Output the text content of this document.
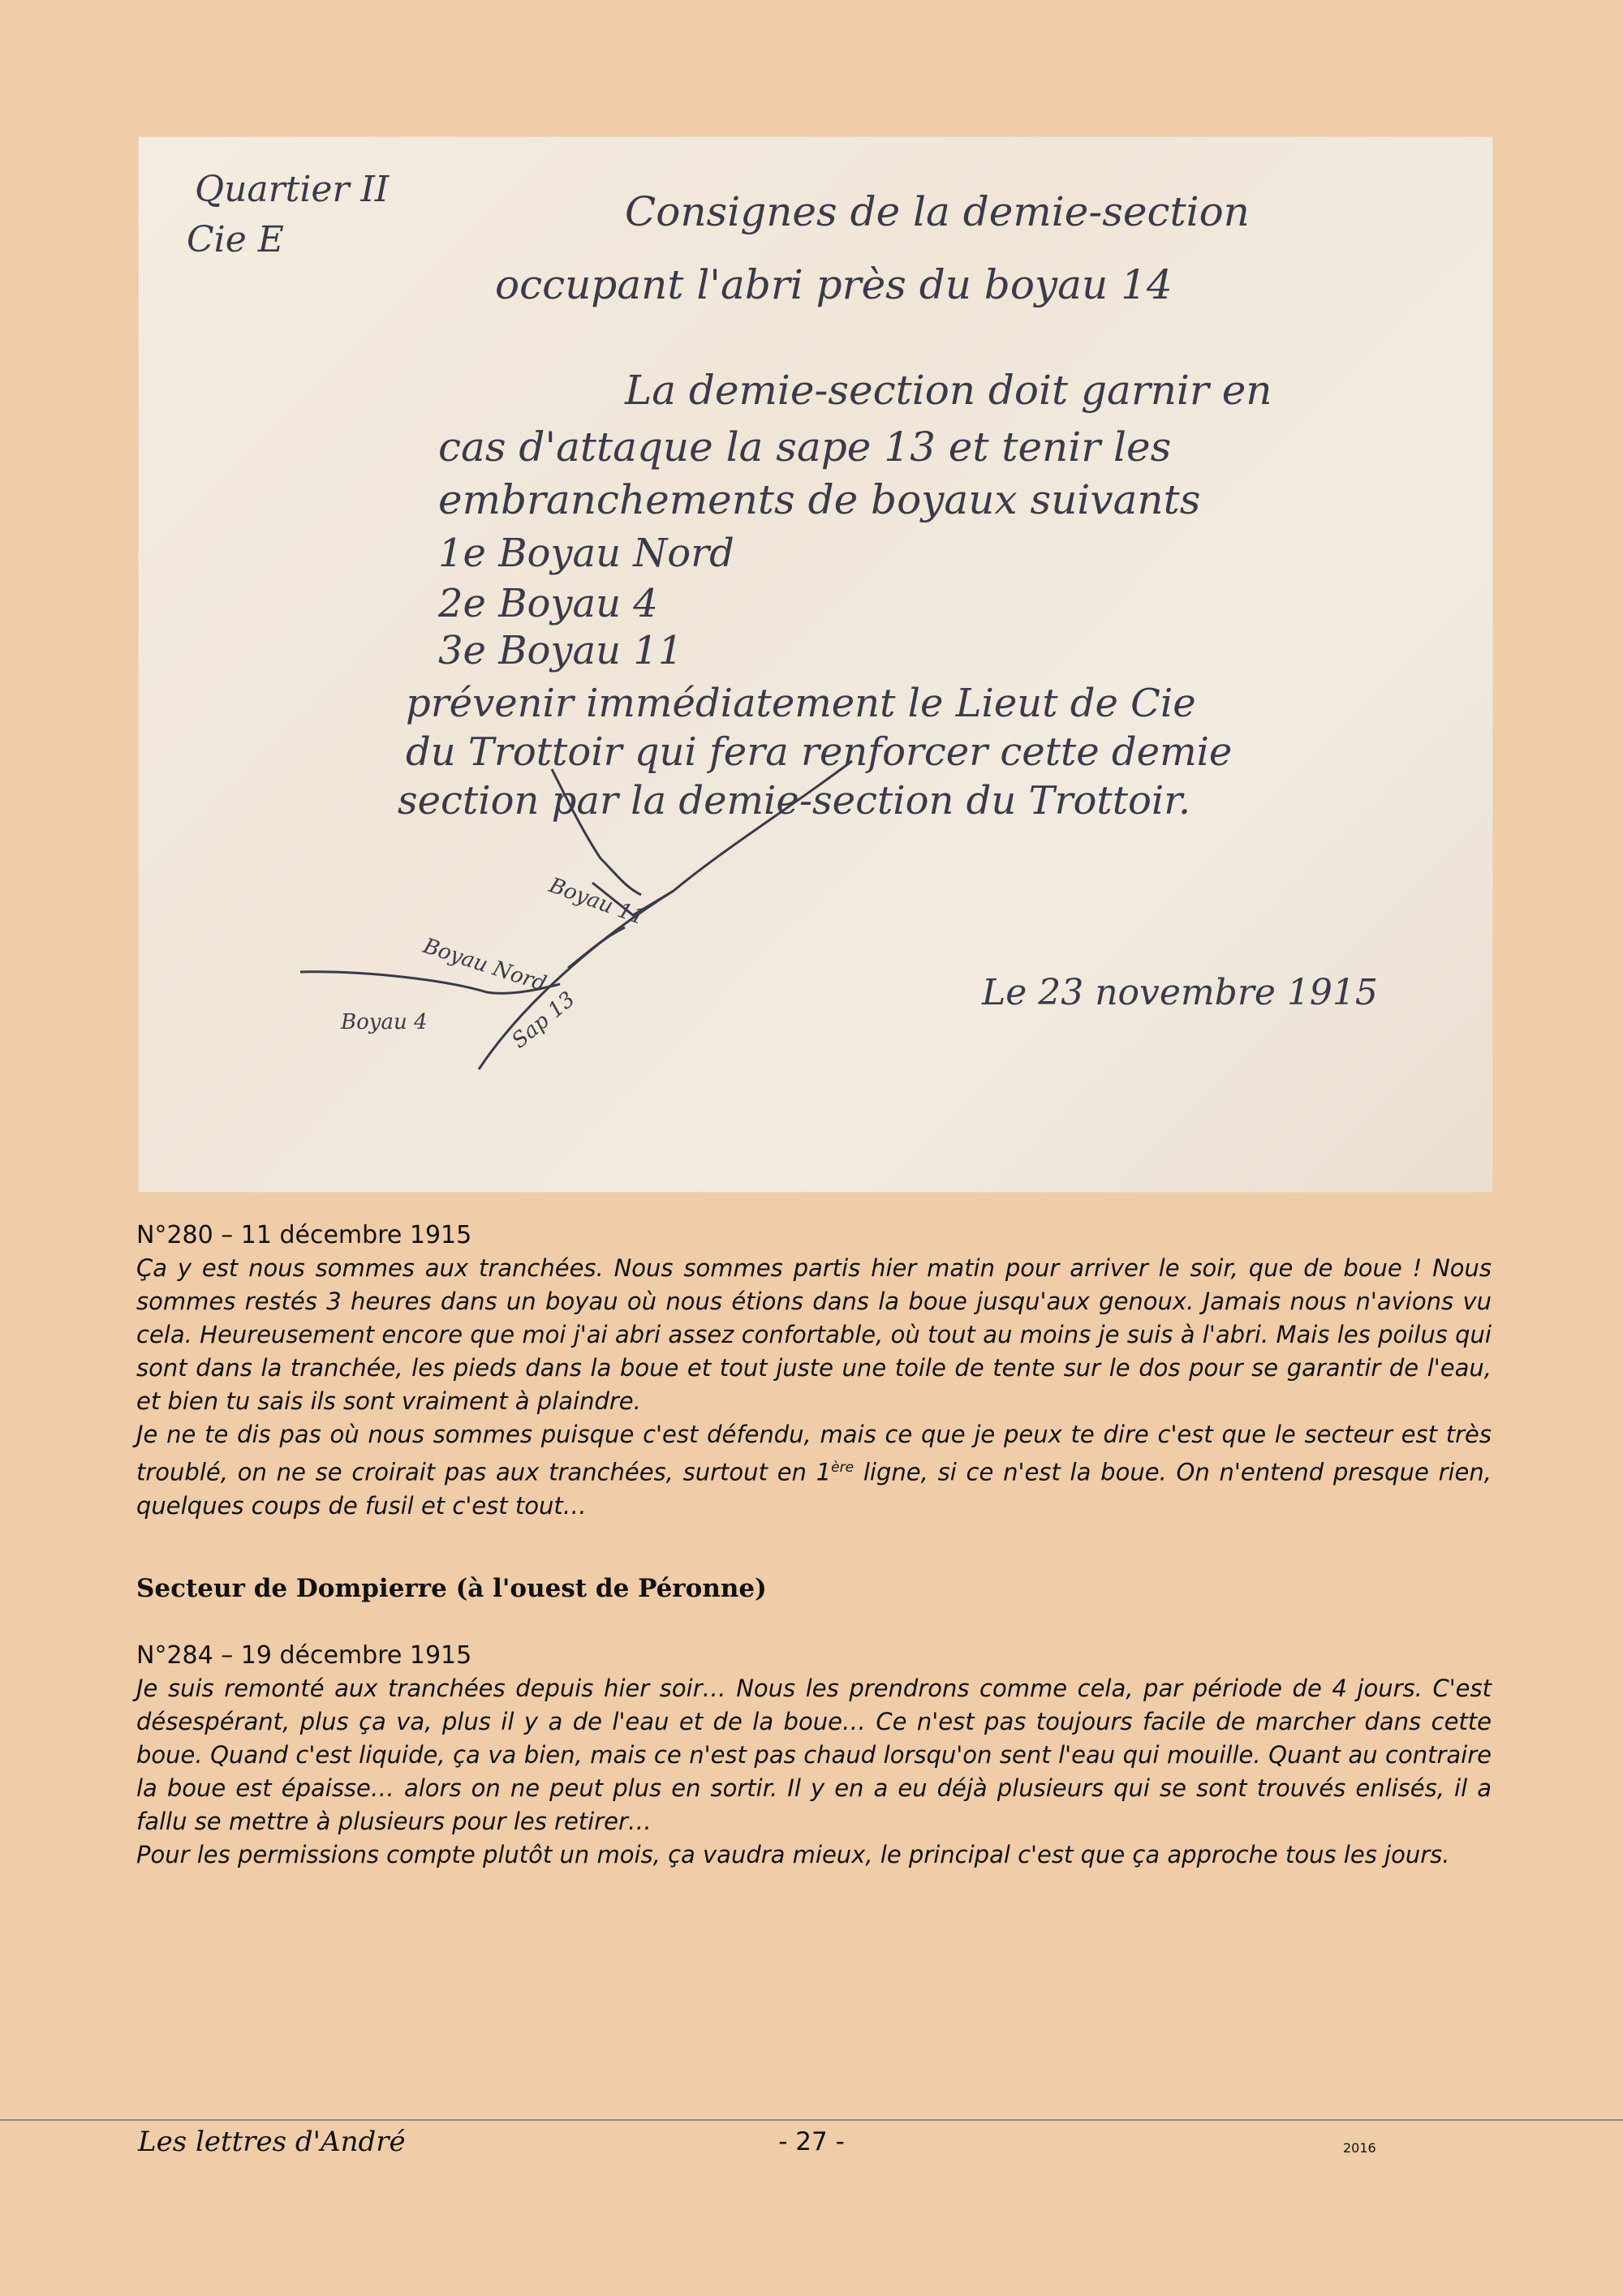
Quartier II
Cie E
Consignes de la demie-section
occupant l'abri près du boyau 14
La demie-section doit garnir en
cas d'attaque la sape 13 et tenir les
embranchements de boyaux suivants
1e Boyau Nord
2e Boyau 4
3e Boyau 11
prévenir immédiatement le Lieut de Cie
du Trottoir qui fera renforcer cette demie
section par la demie-section du Trottoir.
Le 23 novembre 1915
Boyau 11
Boyau Nord
Sap 13
Boyau 4
N°280 – 11 décembre 1915

Ça y est nous sommes aux tranchées. Nous sommes partis hier matin pour arriver le soir, que de boue ! Nous sommes restés 3 heures dans un boyau où nous étions dans la boue jusqu'aux genoux. Jamais nous n'avions vu cela. Heureusement encore que moi j'ai abri assez confortable, où tout au moins je suis à l'abri. Mais les poilus qui sont dans la tranchée, les pieds dans la boue et tout juste une toile de tente sur le dos pour se garantir de l'eau, et bien tu sais ils sont vraiment à plaindre.

Je ne te dis pas où nous sommes puisque c'est défendu, mais ce que je peux te dire c'est que le secteur est très troublé, on ne se croirait pas aux tranchées, surtout en 1ère ligne, si ce n'est la boue. On n'entend presque rien, quelques coups de fusil et c'est tout…

Secteur de Dompierre (à l'ouest de Péronne)
N°284 – 19 décembre 1915

Je suis remonté aux tranchées depuis hier soir… Nous les prendrons comme cela, par période de 4 jours. C'est désespérant, plus ça va, plus il y a de l'eau et de la boue… Ce n'est pas toujours facile de marcher dans cette boue. Quand c'est liquide, ça va bien, mais ce n'est pas chaud lorsqu'on sent l'eau qui mouille. Quant au contraire la boue est épaisse… alors on ne peut plus en sortir. Il y en a eu déjà plusieurs qui se sont trouvés enlisés, il a fallu se mettre à plusieurs pour les retirer…

Pour les permissions compte plutôt un mois, ça vaudra mieux, le principal c'est que ça approche tous les jours.

Les lettres d'André	- 27 -	2016
